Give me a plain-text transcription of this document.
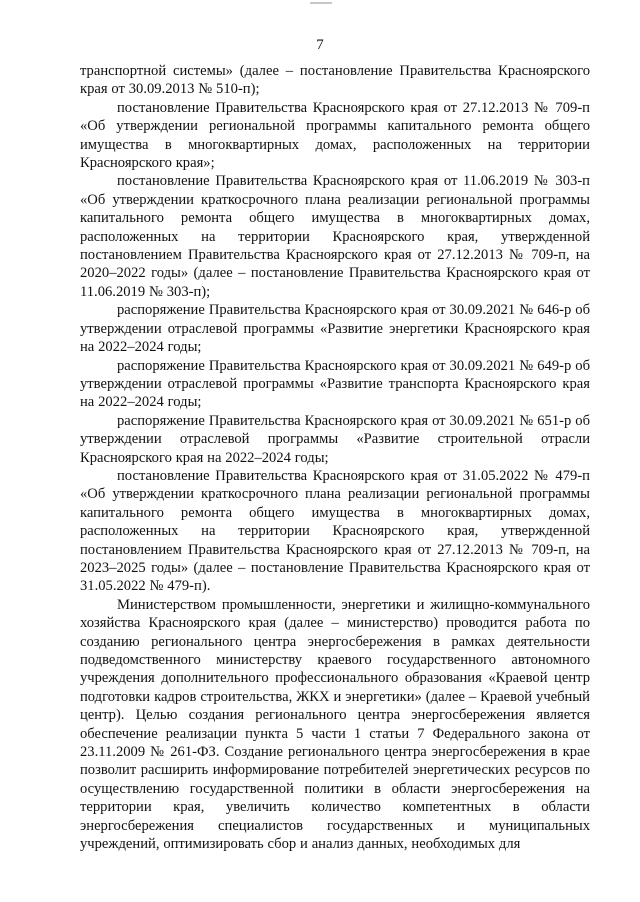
7

транспортной системы» (далее – постановление Правительства Красноярского края от 30.09.2013 № 510-п);

постановление Правительства Красноярского края от 27.12.2013 № 709-п «Об утверждении региональной программы капитального ремонта общего имущества в многоквартирных домах, расположенных на территории Красноярского края»;

постановление Правительства Красноярского края от 11.06.2019 № 303-п «Об утверждении краткосрочного плана реализации региональной программы капитального ремонта общего имущества в многоквартирных домах, расположенных на территории Красноярского края, утвержденной постановлением Правительства Красноярского края от 27.12.2013 № 709-п, на 2020–2022 годы» (далее – постановление Правительства Красноярского края от 11.06.2019 № 303-п);

распоряжение Правительства Красноярского края от 30.09.2021 № 646-р об утверждении отраслевой программы «Развитие энергетики Красноярского края на 2022–2024 годы;

распоряжение Правительства Красноярского края от 30.09.2021 № 649-р об утверждении отраслевой программы «Развитие транспорта Красноярского края на 2022–2024 годы;

распоряжение Правительства Красноярского края от 30.09.2021 № 651-р об утверждении отраслевой программы «Развитие строительной отрасли Красноярского края на 2022–2024 годы;

постановление Правительства Красноярского края от 31.05.2022 № 479-п «Об утверждении краткосрочного плана реализации региональной программы капитального ремонта общего имущества в многоквартирных домах, расположенных на территории Красноярского края, утвержденной постановлением Правительства Красноярского края от 27.12.2013 № 709-п, на 2023–2025 годы» (далее – постановление Правительства Красноярского края от 31.05.2022 № 479-п).

Министерством промышленности, энергетики и жилищно-коммунального хозяйства Красноярского края (далее – министерство) проводится работа по созданию регионального центра энергосбережения в рамках деятельности подведомственного министерству краевого государственного автономного учреждения дополнительного профессионального образования «Краевой центр подготовки кадров строительства, ЖКХ и энергетики» (далее – Краевой учебный центр). Целью создания регионального центра энергосбережения является обеспечение реализации пункта 5 части 1 статьи 7 Федерального закона от 23.11.2009 № 261-ФЗ. Создание регионального центра энергосбережения в крае позволит расширить информирование потребителей энергетических ресурсов по осуществлению государственной политики в области энергосбережения на территории края, увеличить количество компетентных в области энергосбережения специалистов государственных и муниципальных учреждений, оптимизировать сбор и анализ данных, необходимых для
